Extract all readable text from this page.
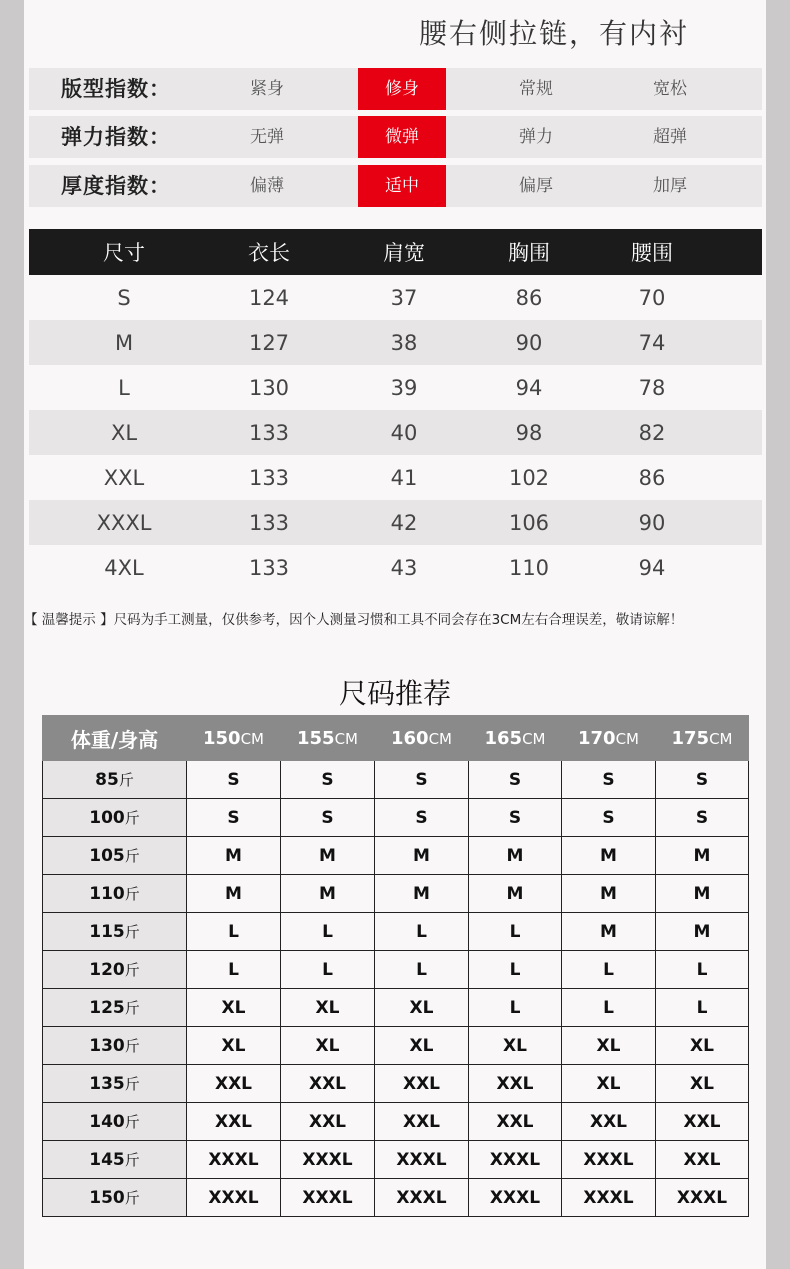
腰右侧拉链，有内衬
版型指数：	紧身	修身	常规	宽松
弹力指数：	无弹	微弹	弹力	超弹
厚度指数：	偏薄	适中	偏厚	加厚
尺寸	衣长	肩宽	胸围	腰围
S	124	37	86	70
M	127	38	90	74
L	130	39	94	78
XL	133	40	98	82
XXL	133	41	102	86
XXXL	133	42	106	90
4XL	133	43	110	94
【 温馨提示 】尺码为手工测量，仅供参考，因个人测量习惯和工具不同会存在3CM左右合理误差，敬请谅解！
尺码推荐
体重/身高	150CM	155CM	160CM	165CM	170CM	175CM
85斤	S	S	S	S	S	S
100斤	S	S	S	S	S	S
105斤	M	M	M	M	M	M
110斤	M	M	M	M	M	M
115斤	L	L	L	L	M	M
120斤	L	L	L	L	L	L
125斤	XL	XL	XL	L	L	L
130斤	XL	XL	XL	XL	XL	XL
135斤	XXL	XXL	XXL	XXL	XL	XL
140斤	XXL	XXL	XXL	XXL	XXL	XXL
145斤	XXXL	XXXL	XXXL	XXXL	XXXL	XXL
150斤	XXXL	XXXL	XXXL	XXXL	XXXL	XXXL
